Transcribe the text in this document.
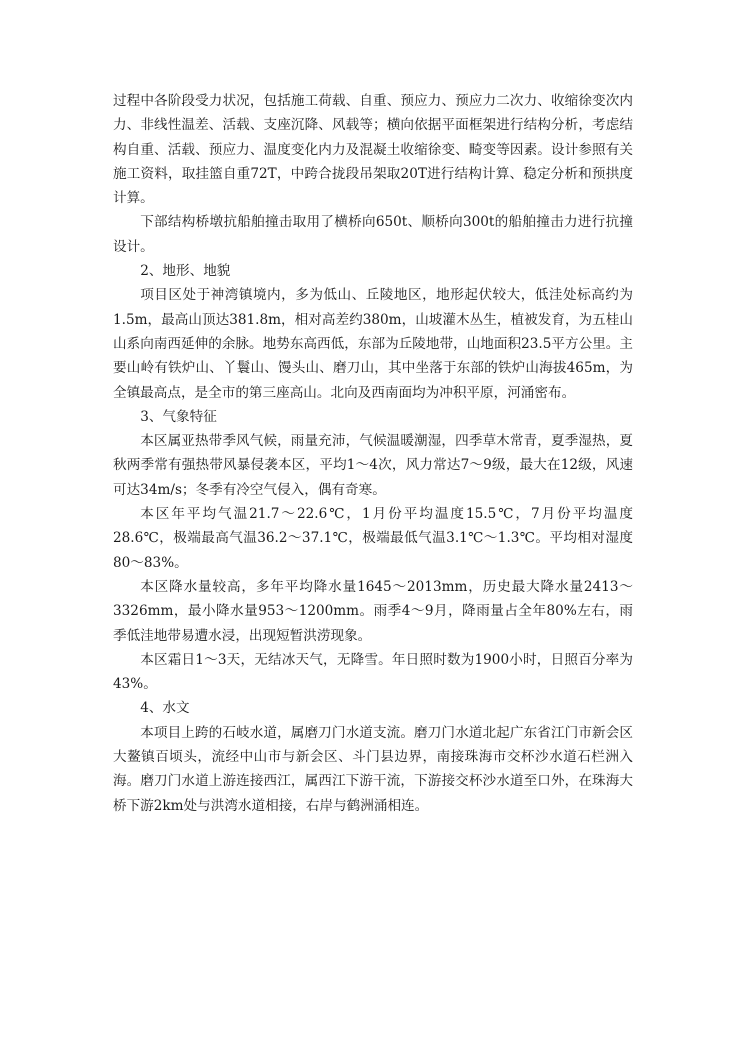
过程中各阶段受力状况，包括施工荷载、自重、预应力、预应力二次力、收缩徐变次内力、非线性温差、活载、支座沉降、风载等；横向依据平面框架进行结构分析，考虑结构自重、活载、预应力、温度变化内力及混凝土收缩徐变、畸变等因素。设计参照有关施工资料，取挂篮自重72T，中跨合拢段吊架取20T进行结构计算、稳定分析和预拱度计算。

下部结构桥墩抗船舶撞击取用了横桥向650t、顺桥向300t的船舶撞击力进行抗撞设计。

2、地形、地貌

项目区处于神湾镇境内，多为低山、丘陵地区，地形起伏较大，低洼处标高约为1.5m，最高山顶达381.8m，相对高差约380m，山坡灌木丛生，植被发育，为五桂山山系向南西延伸的余脉。地势东高西低，东部为丘陵地带，山地面积23.5平方公里。主要山岭有铁炉山、丫鬟山、馒头山、磨刀山，其中坐落于东部的铁炉山海拔465m，为全镇最高点，是全市的第三座高山。北向及西南面均为冲积平原，河涌密布。

3、气象特征

本区属亚热带季风气候，雨量充沛，气候温暖潮湿，四季草木常青，夏季湿热，夏秋两季常有强热带风暴侵袭本区，平均1～4次，风力常达7～9级，最大在12级，风速可达34m/s；冬季有冷空气侵入，偶有奇寒。

本区年平均气温21.7～22.6℃，1月份平均温度15.5℃，7月份平均温度28.6℃，极端最高气温36.2～37.1℃，极端最低气温3.1℃～1.3℃。平均相对湿度80～83%。

本区降水量较高，多年平均降水量1645～2013mm，历史最大降水量2413～3326mm，最小降水量953～1200mm。雨季4～9月，降雨量占全年80%左右，雨季低洼地带易遭水浸，出现短暂洪涝现象。

本区霜日1～3天，无结冰天气，无降雪。年日照时数为1900小时，日照百分率为43%。

4、水文

本项目上跨的石岐水道，属磨刀门水道支流。磨刀门水道北起广东省江门市新会区大鳌镇百顷头，流经中山市与新会区、斗门县边界，南接珠海市交杯沙水道石栏洲入海。磨刀门水道上游连接西江，属西江下游干流，下游接交杯沙水道至口外，在珠海大桥下游2km处与洪湾水道相接，右岸与鹤洲涌相连。
